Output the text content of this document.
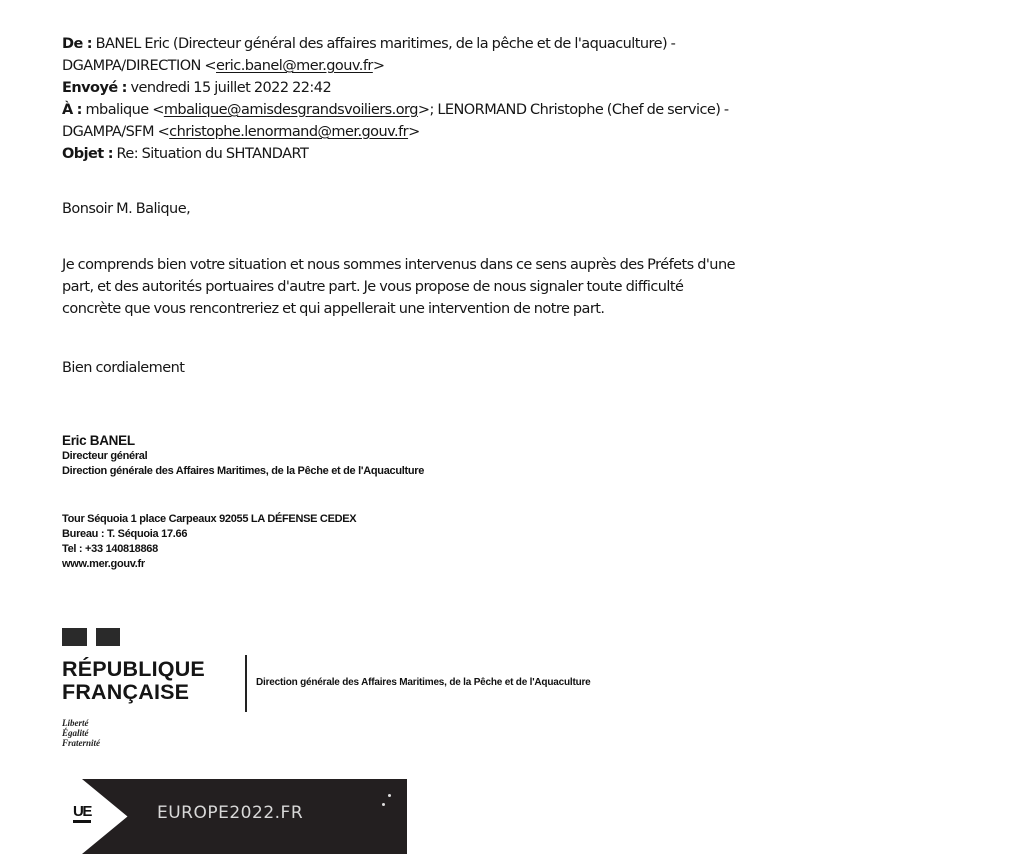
De : BANEL Eric (Directeur général des affaires maritimes, de la pêche et de l'aquaculture) -
DGAMPA/DIRECTION <eric.banel@mer.gouv.fr>
Envoyé : vendredi 15 juillet 2022 22:42
À : mbalique <mbalique@amisdesgrandsvoiliers.org>; LENORMAND Christophe (Chef de service) -
DGAMPA/SFM <christophe.lenormand@mer.gouv.fr>
Objet : Re: Situation du SHTANDART
Bonsoir M. Balique,
Je comprends bien votre situation et nous sommes intervenus dans ce sens auprès des Préfets d'une
part, et des autorités portuaires d'autre part. Je vous propose de nous signaler toute difficulté
concrète que vous rencontreriez et qui appellerait une intervention de notre part.
Bien cordialement
Eric BANEL
Directeur général
Direction générale des Affaires Maritimes, de la Pêche et de l'Aquaculture
Tour Séquoia 1 place Carpeaux 92055 LA DÉFENSE CEDEX
Bureau : T. Séquoia 17.66
Tel : +33 140818868
www.mer.gouv.fr
RÉPUBLIQUE
FRANÇAISE
Liberté
Égalité
Fraternité
Direction générale des Affaires Maritimes, de la Pêche et de l'Aquaculture
UE	EUROPE2022.FR
